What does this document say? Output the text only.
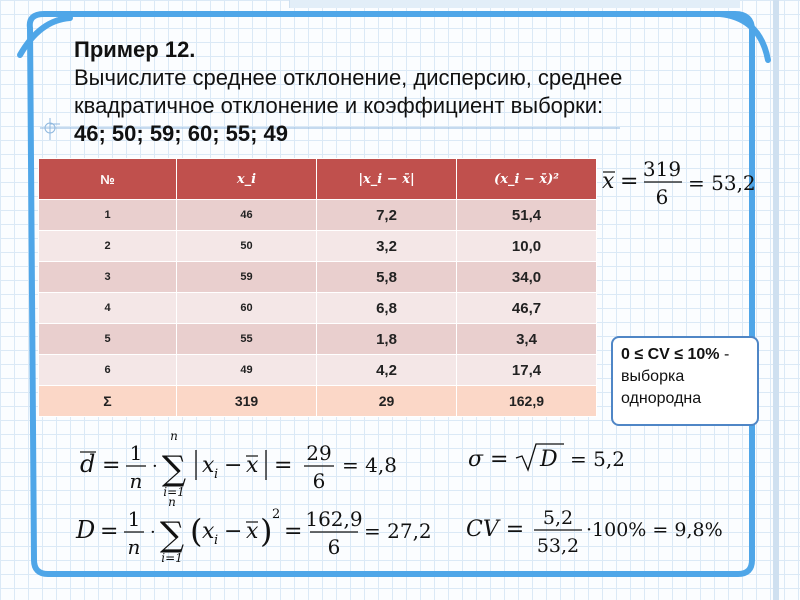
Пример 12.
Вычислите среднее отклонение, дисперсию, среднее квадратичное отклонение и коэффициент выборки:
46; 50; 59; 60; 55; 49
№	x_i	|x_i − x̄|	(x_i − x̄)²
1	46	7,2	51,4
2	50	3,2	10,0
3	59	5,8	34,0
4	60	6,8	46,7
5	55	1,8	3,4
6	49	4,2	17,4
Σ	319	29	162,9
x = 319
6
= 53,2
0 ≤ CV ≤ 10% - выборка однородна
d = 1
n
·
n
∑
i=1
x i − x = 29
6
= 4,8	σ = D = 5,2
D = 1
n
·
n
∑
i=1
( x i − x ) 2
= 162,9
6
= 27,2 CV = 5,2
53,2
·100% = 9,8%
